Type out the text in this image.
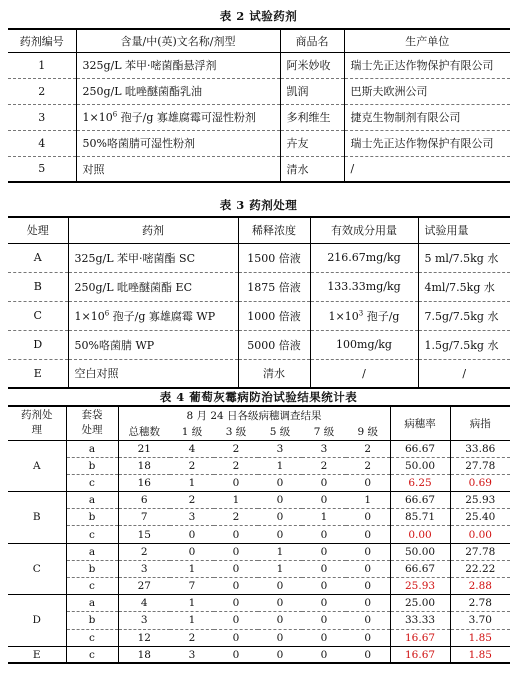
表 2 试验药剂
药剂编号	含量/中(英)文名称/剂型	商品名	生产单位
1	325g/L 苯甲·嘧菌酯悬浮剂	阿米妙收	瑞士先正达作物保护有限公司
2	250g/L 吡唑醚菌酯乳油	凯润	巴斯夫欧洲公司
3	$1\times 10^6$ 孢子/g 寡雄腐霉可湿性粉剂	多利维生	捷克生物制剂有限公司
4	50%咯菌腈可湿性粉剂	卉友	瑞士先正达作物保护有限公司
5	对照	清水	/
表 3 药剂处理
处理	药剂	稀释浓度	有效成分用量	试验用量
A	325g/L 苯甲·嘧菌酯 SC	1500 倍液	216.67mg/kg	5 ml/7.5kg 水
B	250g/L 吡唑醚菌酯 EC	1875 倍液	133.33mg/kg	4ml/7.5kg 水
C	$1\times 10^6$ 孢子/g 寡雄腐霉 WP	1000 倍液	$1\times 10^3$ 孢子/g	7.5g/7.5kg 水
D	50%咯菌腈 WP	5000 倍液	100mg/kg	1.5g/7.5kg 水
E	空白对照	清水	/	/
表 4 葡萄灰霉病防治试验结果统计表
药剂处理	套袋处理	8 月 24 日各级病穗调查结果						病穗率	病指
		总穗数	1 级	3 级	5 级	7 级	9 级		
A	a	21	4	2	3	3	2	66.67	33.86
	b	18	2	2	1	2	2	50.00	27.78
	c	16	1	0	0	0	0	6.25	0.69
B	a	6	2	1	0	0	1	66.67	25.93
	b	7	3	2	0	1	0	85.71	25.40
	c	15	0	0	0	0	0	0.00	0.00
C	a	2	0	0	1	0	0	50.00	27.78
	b	3	1	0	1	0	0	66.67	22.22
	c	27	7	0	0	0	0	25.93	2.88
D	a	4	1	0	0	0	0	25.00	2.78
	b	3	1	0	0	0	0	33.33	3.70
	c	12	2	0	0	0	0	16.67	1.85
E	c	18	3	0	0	0	0	16.67	1.85
